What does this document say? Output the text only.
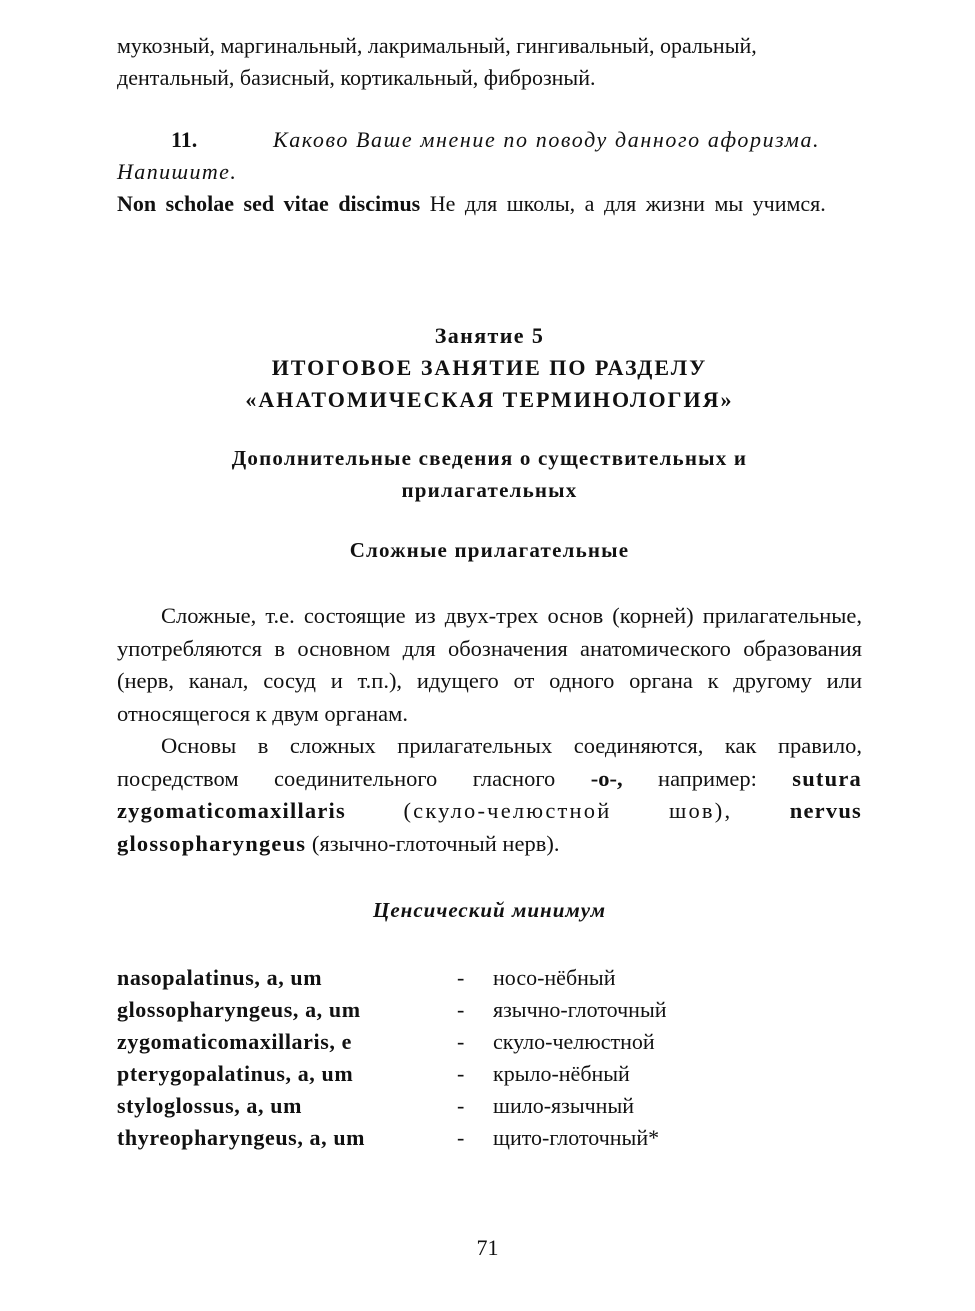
мукозный, маргинальный, лакримальный, гингивальный, оральный,

дентальный, базисный, кортикальный, фиброзный.

11.	Каково Ваше мнение по поводу данного афоризма.

Напишите.

Non scholae sed vitae discimus Не для школы, а для жизни мы учимся.

Занятие 5

ИТОГОВОЕ ЗАНЯТИЕ ПО РАЗДЕЛУ

«АНАТОМИЧЕСКАЯ ТЕРМИНОЛОГИЯ»

Дополнительные сведения о существительных и

прилагательных

Сложные прилагательные

Сложные, т.е. состоящие из двух-трех основ (корней) прилагательные, употребляются в основном для обозначения анатомического образования (нерв, канал, сосуд и т.п.), идущего от одного органа к другому или относящегося к двум органам.

Основы в сложных прилагательных соединяются, как правило, посредством соединительного гласного -o-, например: sutura zygomaticomaxillaris (скуло-челюстной шов), nervus glossopharyngeus (язычно-глоточный нерв).

Ценсический минимум

nasopalatinus, a, um	-	носо-нёбный
glossopharyngeus, a, um	-	язычно-глоточный
zygomaticomaxillaris, e	-	скуло-челюстной
pterygopalatinus, a, um	-	крыло-нёбный
styloglossus, a, um	-	шило-язычный
thyreopharyngeus, a, um	-	щито-глоточный*
71
